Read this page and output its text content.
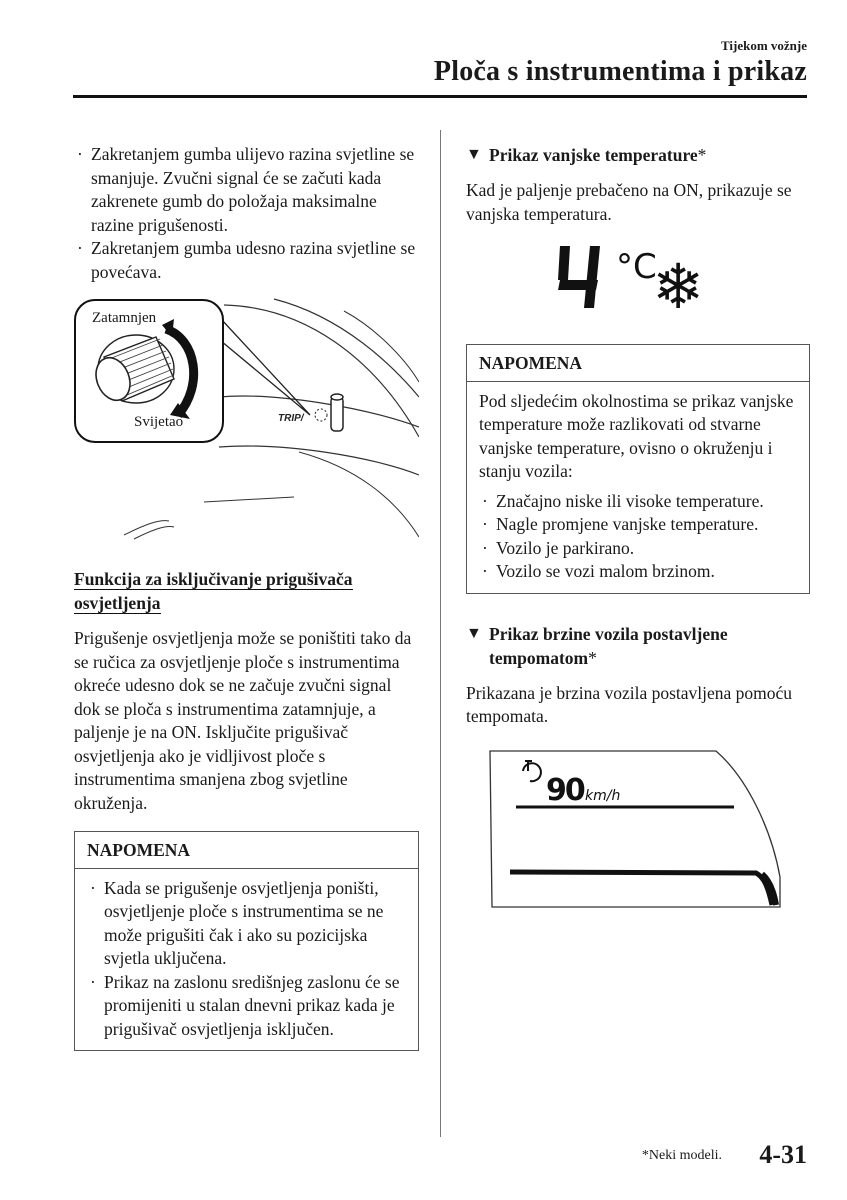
Tijekom vožnje
Ploča s instrumentima i prikaz
· Zakretanjem gumba ulijevo razina svjetline se smanjuje. Zvučni signal će se začuti kada zakrenete gumb do položaja maksimalne razine prigušenosti.
· Zakretanjem gumba udesno razina svjetline se povećava.
TRIP/
Zatamnjen
Svijetao
Funkcija za isključivanje prigušivača osvjetljenja

Prigušenje osvjetljenja može se poništiti tako da se ručica za osvjetljenje ploče s instrumentima okreće udesno dok se ne začuje zvučni signal dok se ploča s instrumentima zatamnjuje, a paljenje je na ON. Isključite prigušivač osvjetljenja ako je vidljivost ploče s instrumentima smanjena zbog svjetline okruženja.

NAPOMENA
· Kada se prigušenje osvjetljenja poništi, osvjetljenje ploče s instrumentima se ne može prigušiti čak i ako su pozicijska svjetla uključena.
· Prikaz na zaslonu središnjeg zaslonu će se promijeniti u stalan dnevni prikaz kada je prigušivač osvjetljenja isključen.
▼ Prikaz vanjske temperature*

Kad je paljenje prebačeno na ON, prikazuje se vanjska temperatura.

°C
❄
NAPOMENA

Pod sljedećim okolnostima se prikaz vanjske temperature može razlikovati od stvarne vanjske temperature, ovisno o okruženju i stanju vozila:

· Značajno niske ili visoke temperature.
· Nagle promjene vanjske temperature.
· Vozilo je parkirano.
· Vozilo se vozi malom brzinom.
▼ Prikaz brzine vozila postavljene tempomatom*

Prikazana je brzina vozila postavljena pomoću tempomata.

90 km/h
*Neki modeli. 4-31
